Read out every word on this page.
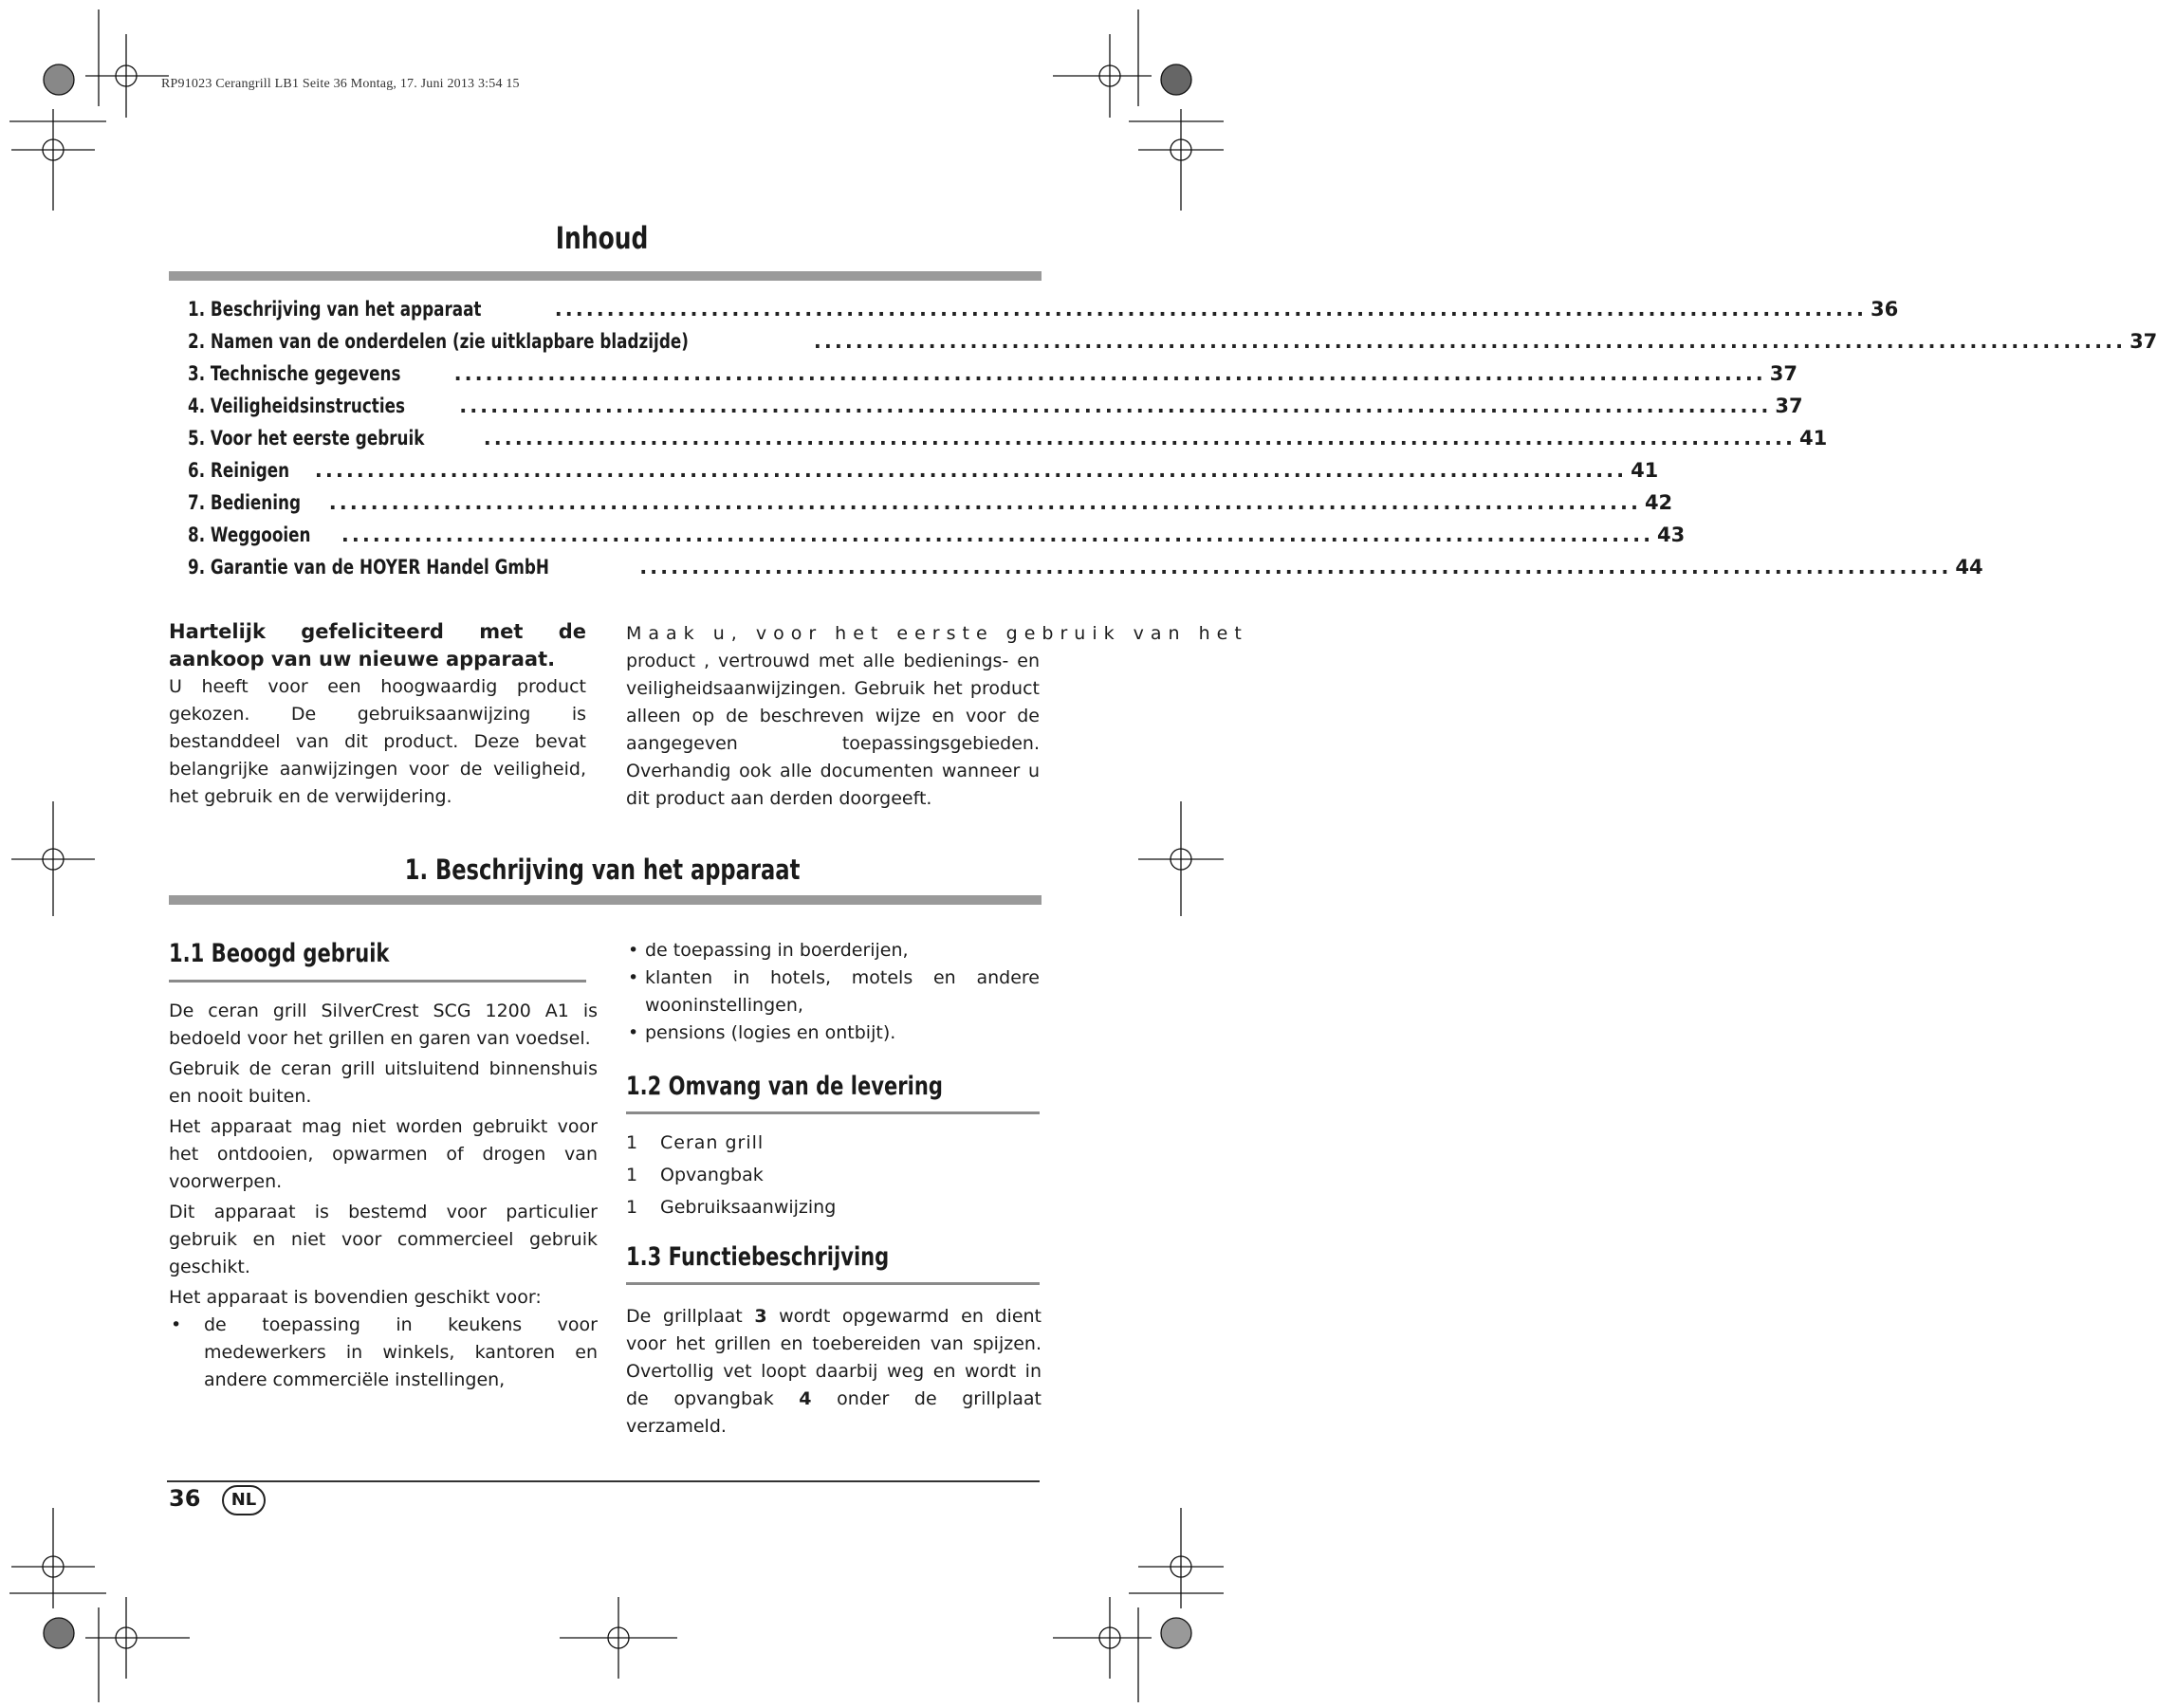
RP91023 Cerangrill LB1 Seite 36 Montag, 17. Juni 2013 3:54 15
Inhoud
1. Beschrijving van het apparaat	.............................................................................................................................. 36
2. Namen van de onderdelen (zie uitklapbare bladzijde)	.............................................................................................................................. 37
3. Technische gegevens	.............................................................................................................................. 37
4. Veiligheidsinstructies	.............................................................................................................................. 37
5. Voor het eerste gebruik	.............................................................................................................................. 41
6. Reinigen .............................................................................................................................. 41
7. Bediening .............................................................................................................................. 42
8. Weggooien .............................................................................................................................. 43
9. Garantie van de HOYER Handel GmbH	.............................................................................................................................. 44

Hartelijk gefeliciteerd met de aankoop van uw nieuwe apparaat.

U heeft voor een hoogwaardig product gekozen. De gebruiksaanwijzing is bestanddeel van dit product. Deze bevat belangrijke aanwijzingen voor de veiligheid, het gebruik en de verwijdering.

Maak u, voor het eerste gebruik van het

product , vertrouwd met alle bedienings- en veiligheidsaanwijzingen. Gebruik het product alleen op de beschreven wijze en voor de aangegeven toepassingsgebieden. Overhandig ook alle documenten wanneer u dit product aan derden doorgeeft.

1. Beschrijving van het apparaat
1.1 Beoogd gebruik

De ceran grill SilverCrest SCG 1200 A1 is bedoeld voor het grillen en garen van voedsel.

Gebruik de ceran grill uitsluitend binnenshuis en nooit buiten.

Het apparaat mag niet worden gebruikt voor het ontdooien, opwarmen of drogen van voorwerpen.

Dit apparaat is bestemd voor particulier gebruik en niet voor commercieel gebruik geschikt.

Het apparaat is bovendien geschikt voor:

• de toepassing in keukens voor medewerkers in winkels, kantoren en andere commerciële instellingen,
• de toepassing in boerderijen,
• klanten in hotels, motels en andere wooninstellingen,
• pensions (logies en ontbijt).
1.2 Omvang van de levering
1	Ceran grill
1	Opvangbak
1	Gebruiksaanwijzing
1.3 Functiebeschrijving

De grillplaat 3 wordt opgewarmd en dient voor het grillen en toebereiden van spijzen. Overtollig vet loopt daarbij weg en wordt in de opvangbak 4 onder de grillplaat verzameld.

36	NL
